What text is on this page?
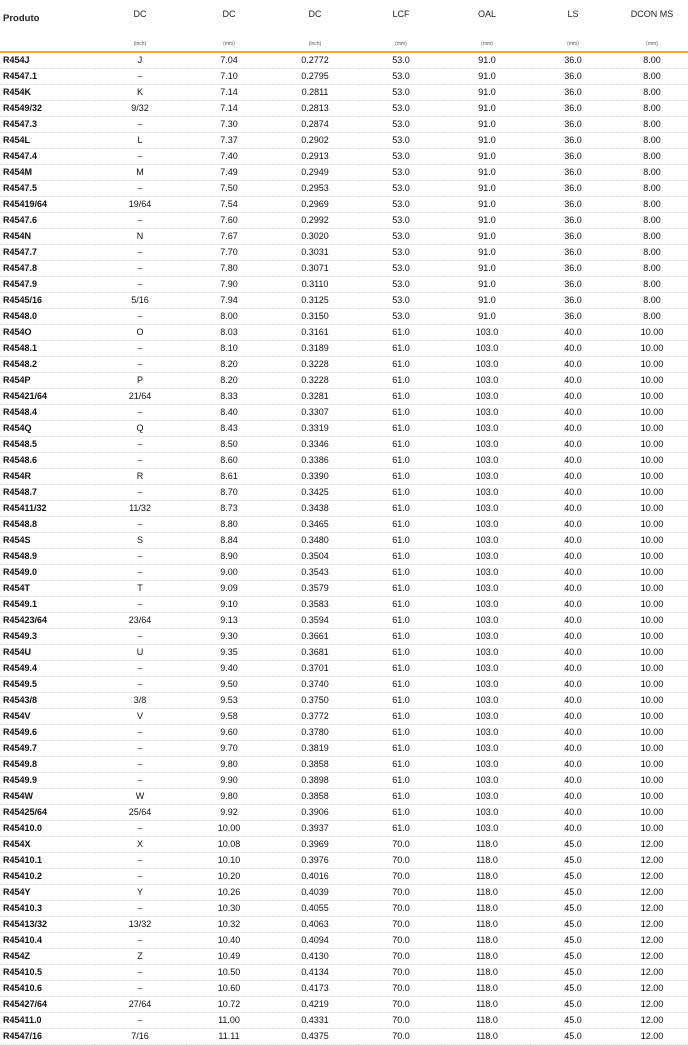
Produto	DC	DC	DC	LCF	OAL	LS	DCON MS
	(inch)	(mm)	(inch)	(mm)	(mm)	(mm)	(mm)
R454J	J	7.04	0.2772	53.0	91.0	36.0	8.00
R4547.1	–	7.10	0.2795	53.0	91.0	36.0	8.00
R454K	K	7.14	0.2811	53.0	91.0	36.0	8.00
R4549/32	9/32	7.14	0.2813	53.0	91.0	36.0	8.00
R4547.3	–	7.30	0.2874	53.0	91.0	36.0	8.00
R454L	L	7.37	0.2902	53.0	91.0	36.0	8.00
R4547.4	–	7.40	0.2913	53.0	91.0	36.0	8.00
R454M	M	7.49	0.2949	53.0	91.0	36.0	8.00
R4547.5	–	7.50	0.2953	53.0	91.0	36.0	8.00
R45419/64	19/64	7.54	0.2969	53.0	91.0	36.0	8.00
R4547.6	–	7.60	0.2992	53.0	91.0	36.0	8.00
R454N	N	7.67	0.3020	53.0	91.0	36.0	8.00
R4547.7	–	7.70	0.3031	53.0	91.0	36.0	8.00
R4547.8	–	7.80	0.3071	53.0	91.0	36.0	8.00
R4547.9	–	7.90	0.3110	53.0	91.0	36.0	8.00
R4545/16	5/16	7.94	0.3125	53.0	91.0	36.0	8.00
R4548.0	–	8.00	0.3150	53.0	91.0	36.0	8.00
R454O	O	8.03	0.3161	61.0	103.0	40.0	10.00
R4548.1	–	8.10	0.3189	61.0	103.0	40.0	10.00
R4548.2	–	8.20	0.3228	61.0	103.0	40.0	10.00
R454P	P	8.20	0.3228	61.0	103.0	40.0	10.00
R45421/64	21/64	8.33	0.3281	61.0	103.0	40.0	10.00
R4548.4	–	8.40	0.3307	61.0	103.0	40.0	10.00
R454Q	Q	8.43	0.3319	61.0	103.0	40.0	10.00
R4548.5	–	8.50	0.3346	61.0	103.0	40.0	10.00
R4548.6	–	8.60	0.3386	61.0	103.0	40.0	10.00
R454R	R	8.61	0.3390	61.0	103.0	40.0	10.00
R4548.7	–	8.70	0.3425	61.0	103.0	40.0	10.00
R45411/32	11/32	8.73	0.3438	61.0	103.0	40.0	10.00
R4548.8	–	8.80	0.3465	61.0	103.0	40.0	10.00
R454S	S	8.84	0.3480	61.0	103.0	40.0	10.00
R4548.9	–	8.90	0.3504	61.0	103.0	40.0	10.00
R4549.0	–	9.00	0.3543	61.0	103.0	40.0	10.00
R454T	T	9.09	0.3579	61.0	103.0	40.0	10.00
R4549.1	–	9.10	0.3583	61.0	103.0	40.0	10.00
R45423/64	23/64	9.13	0.3594	61.0	103.0	40.0	10.00
R4549.3	–	9.30	0.3661	61.0	103.0	40.0	10.00
R454U	U	9.35	0.3681	61.0	103.0	40.0	10.00
R4549.4	–	9.40	0.3701	61.0	103.0	40.0	10.00
R4549.5	–	9.50	0.3740	61.0	103.0	40.0	10.00
R4543/8	3/8	9.53	0.3750	61.0	103.0	40.0	10.00
R454V	V	9.58	0.3772	61.0	103.0	40.0	10.00
R4549.6	–	9.60	0.3780	61.0	103.0	40.0	10.00
R4549.7	–	9.70	0.3819	61.0	103.0	40.0	10.00
R4549.8	–	9.80	0.3858	61.0	103.0	40.0	10.00
R4549.9	–	9.90	0.3898	61.0	103.0	40.0	10.00
R454W	W	9.80	0.3858	61.0	103.0	40.0	10.00
R45425/64	25/64	9.92	0.3906	61.0	103.0	40.0	10.00
R45410.0	–	10.00	0.3937	61.0	103.0	40.0	10.00
R454X	X	10.08	0.3969	70.0	118.0	45.0	12.00
R45410.1	–	10.10	0.3976	70.0	118.0	45.0	12.00
R45410.2	–	10.20	0.4016	70.0	118.0	45.0	12.00
R454Y	Y	10.26	0.4039	70.0	118.0	45.0	12.00
R45410.3	–	10.30	0.4055	70.0	118.0	45.0	12.00
R45413/32	13/32	10.32	0.4063	70.0	118.0	45.0	12.00
R45410.4	–	10.40	0.4094	70.0	118.0	45.0	12.00
R454Z	Z	10.49	0.4130	70.0	118.0	45.0	12.00
R45410.5	–	10.50	0.4134	70.0	118.0	45.0	12.00
R45410.6	–	10.60	0.4173	70.0	118.0	45.0	12.00
R45427/64	27/64	10.72	0.4219	70.0	118.0	45.0	12.00
R45411.0	–	11.00	0.4331	70.0	118.0	45.0	12.00
R4547/16	7/16	11.11	0.4375	70.0	118.0	45.0	12.00
